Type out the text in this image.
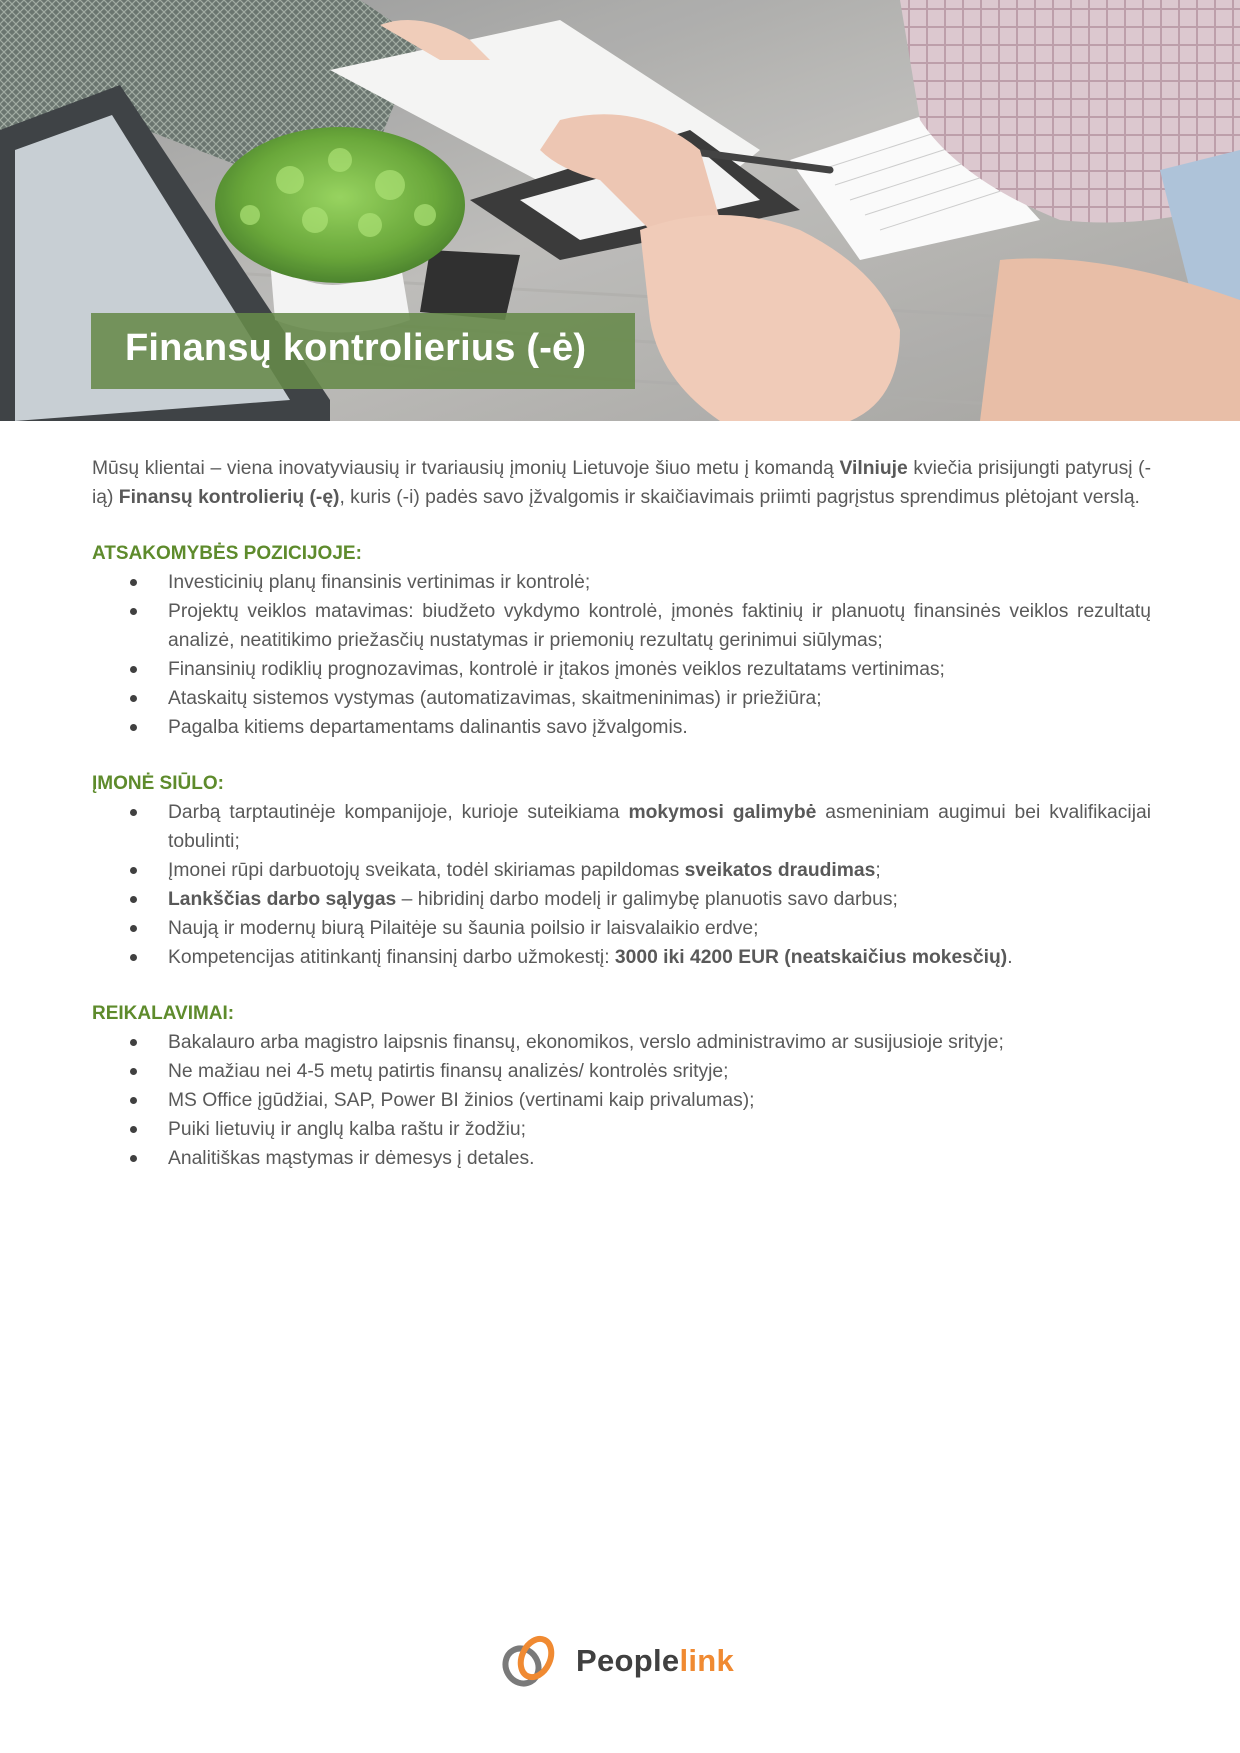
Finansų kontrolierius (-ė)

Mūsų klientai – viena inovatyviausių ir tvariausių įmonių Lietuvoje šiuo metu į komandą Vilniuje kviečia prisijungti patyrusį (-ią) Finansų kontrolierių (-ę), kuris (-i) padės savo įžvalgomis ir skaičiavimais priimti pagrįstus sprendimus plėtojant verslą.

ATSAKOMYBĖS POZICIJOJE:
Investicinių planų finansinis vertinimas ir kontrolė;
Projektų veiklos matavimas: biudžeto vykdymo kontrolė, įmonės faktinių ir planuotų finansinės veiklos rezultatų analizė, neatitikimo priežasčių nustatymas ir priemonių rezultatų gerinimui siūlymas;
Finansinių rodiklių prognozavimas, kontrolė ir įtakos įmonės veiklos rezultatams vertinimas;
Ataskaitų sistemos vystymas (automatizavimas, skaitmeninimas) ir priežiūra;
Pagalba kitiems departamentams dalinantis savo įžvalgomis.
ĮMONĖ SIŪLO:
Darbą tarptautinėje kompanijoje, kurioje suteikiama mokymosi galimybė asmeniniam augimui bei kvalifikacijai tobulinti;
Įmonei rūpi darbuotojų sveikata, todėl skiriamas papildomas sveikatos draudimas;
Lankščias darbo sąlygas – hibridinį darbo modelį ir galimybę planuotis savo darbus;
Naują ir modernų biurą Pilaitėje su šaunia poilsio ir laisvalaikio erdve;
Kompetencijas atitinkantį finansinį darbo užmokestį: 3000 iki 4200 EUR (neatskaičius mokesčių).
REIKALAVIMAI:
Bakalauro arba magistro laipsnis finansų, ekonomikos, verslo administravimo ar susijusioje srityje;
Ne mažiau nei 4-5 metų patirtis finansų analizės/ kontrolės srityje;
MS Office įgūdžiai, SAP, Power BI žinios (vertinami kaip privalumas);
Puiki lietuvių ir anglų kalba raštu ir žodžiu;
Analitiškas mąstymas ir dėmesys į detales.
Peoplelink
